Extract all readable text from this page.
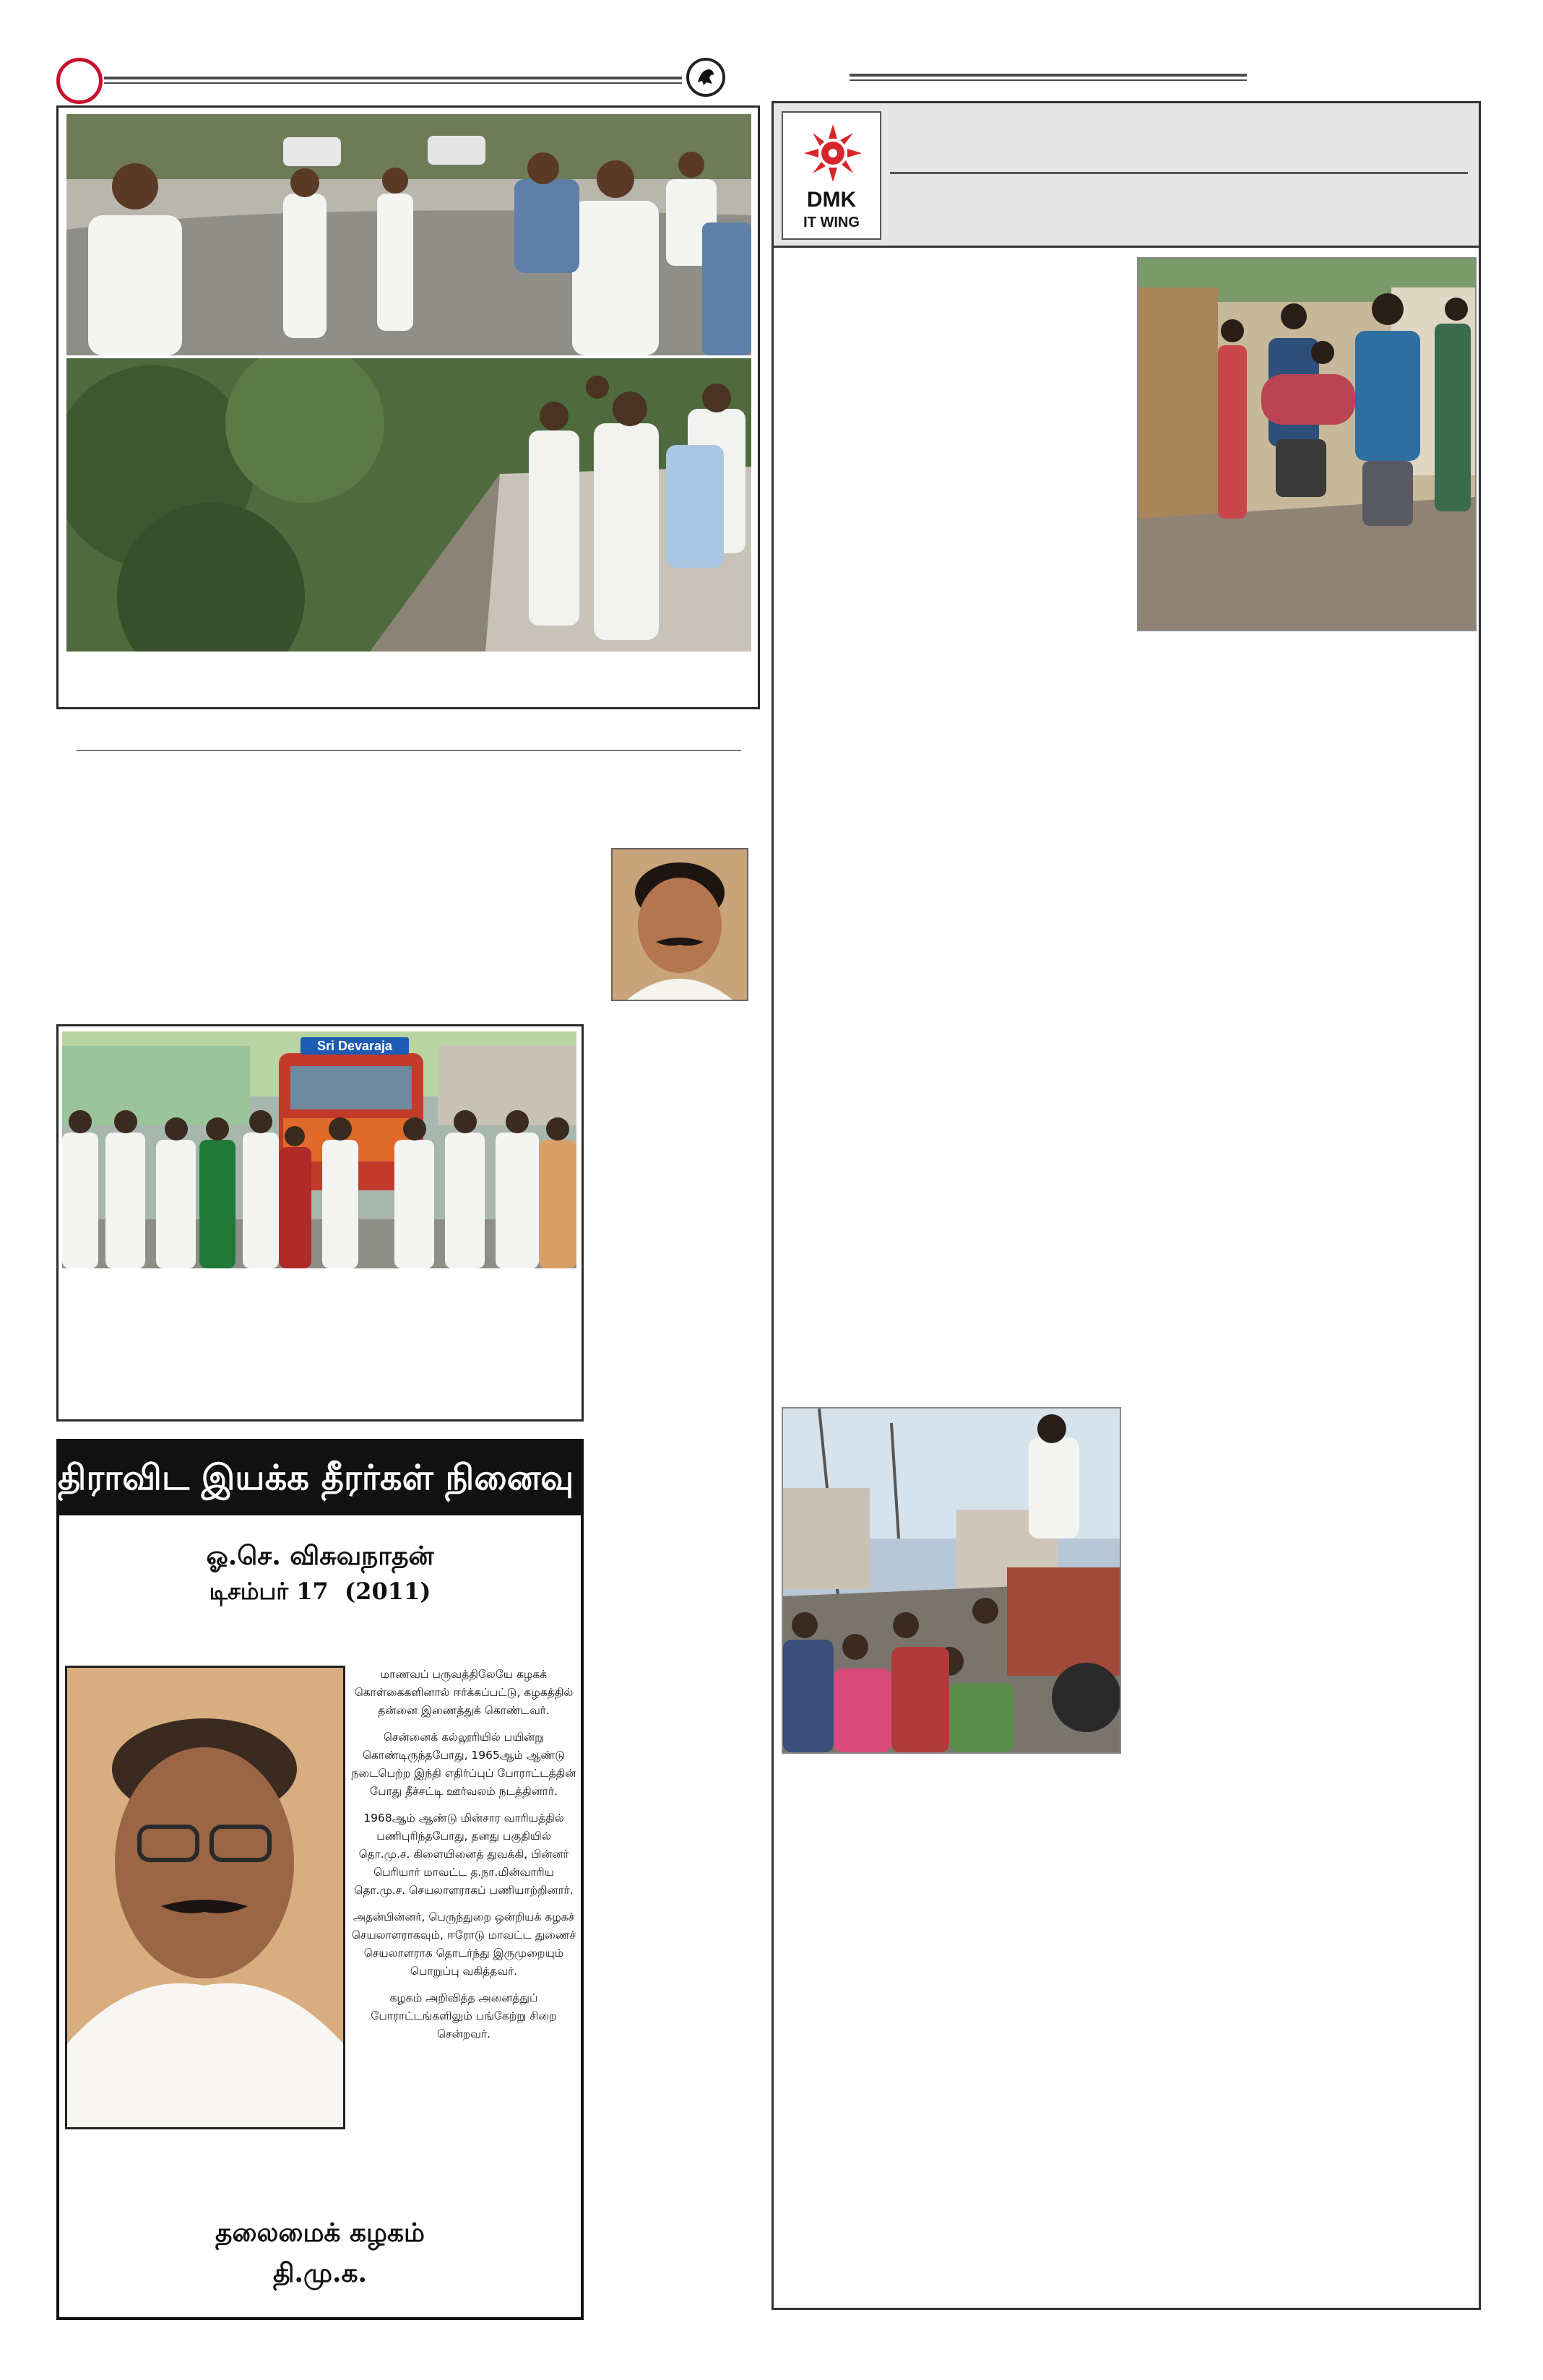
Sri Devaraja
திராவிட இயக்க தீரர்கள் நினைவு நாள்
ஓ.செ. விசுவநாதன்
டிசம்பர் 17  (2011)

மாணவப் பருவத்திலேயே கழகக் கொள்கைகளினால் ஈர்க்கப்பட்டு, கழகத்தில் தன்னை இணைத்துக் கொண்டவர்.

சென்னைக் கல்லூரியில் பயின்று கொண்டிருந்தபோது, 1965ஆம் ஆண்டு நடைபெற்ற இந்தி எதிர்ப்புப் போராட்டத்தின் போது தீச்சட்டி ஊர்வலம் நடத்தினார்.

1968ஆம் ஆண்டு மின்சார வாரியத்தில் பணிபுரிந்தபோது, தனது பகுதியில் தொ.மு.ச. கிளையினைத் துவக்கி, பின்னர் பெரியார் மாவட்ட த.நா.மின்வாரிய தொ.மு.ச. செயலாளராகப் பணியாற்றினார்.

அதன்பின்னர், பெருந்துறை ஒன்றியக் கழகச் செயலாளராகவும், ஈரோடு மாவட்ட துணைச் செயலாளராக தொடர்ந்து இருமுறையும் பொறுப்பு வகித்தவர்.

கழகம் அறிவித்த அனைத்துப் போராட்டங்களிலும் பங்கேற்று சிறை சென்றவர்.

தலைமைக் கழகம்
தி.மு.க.
DMK
IT WING
